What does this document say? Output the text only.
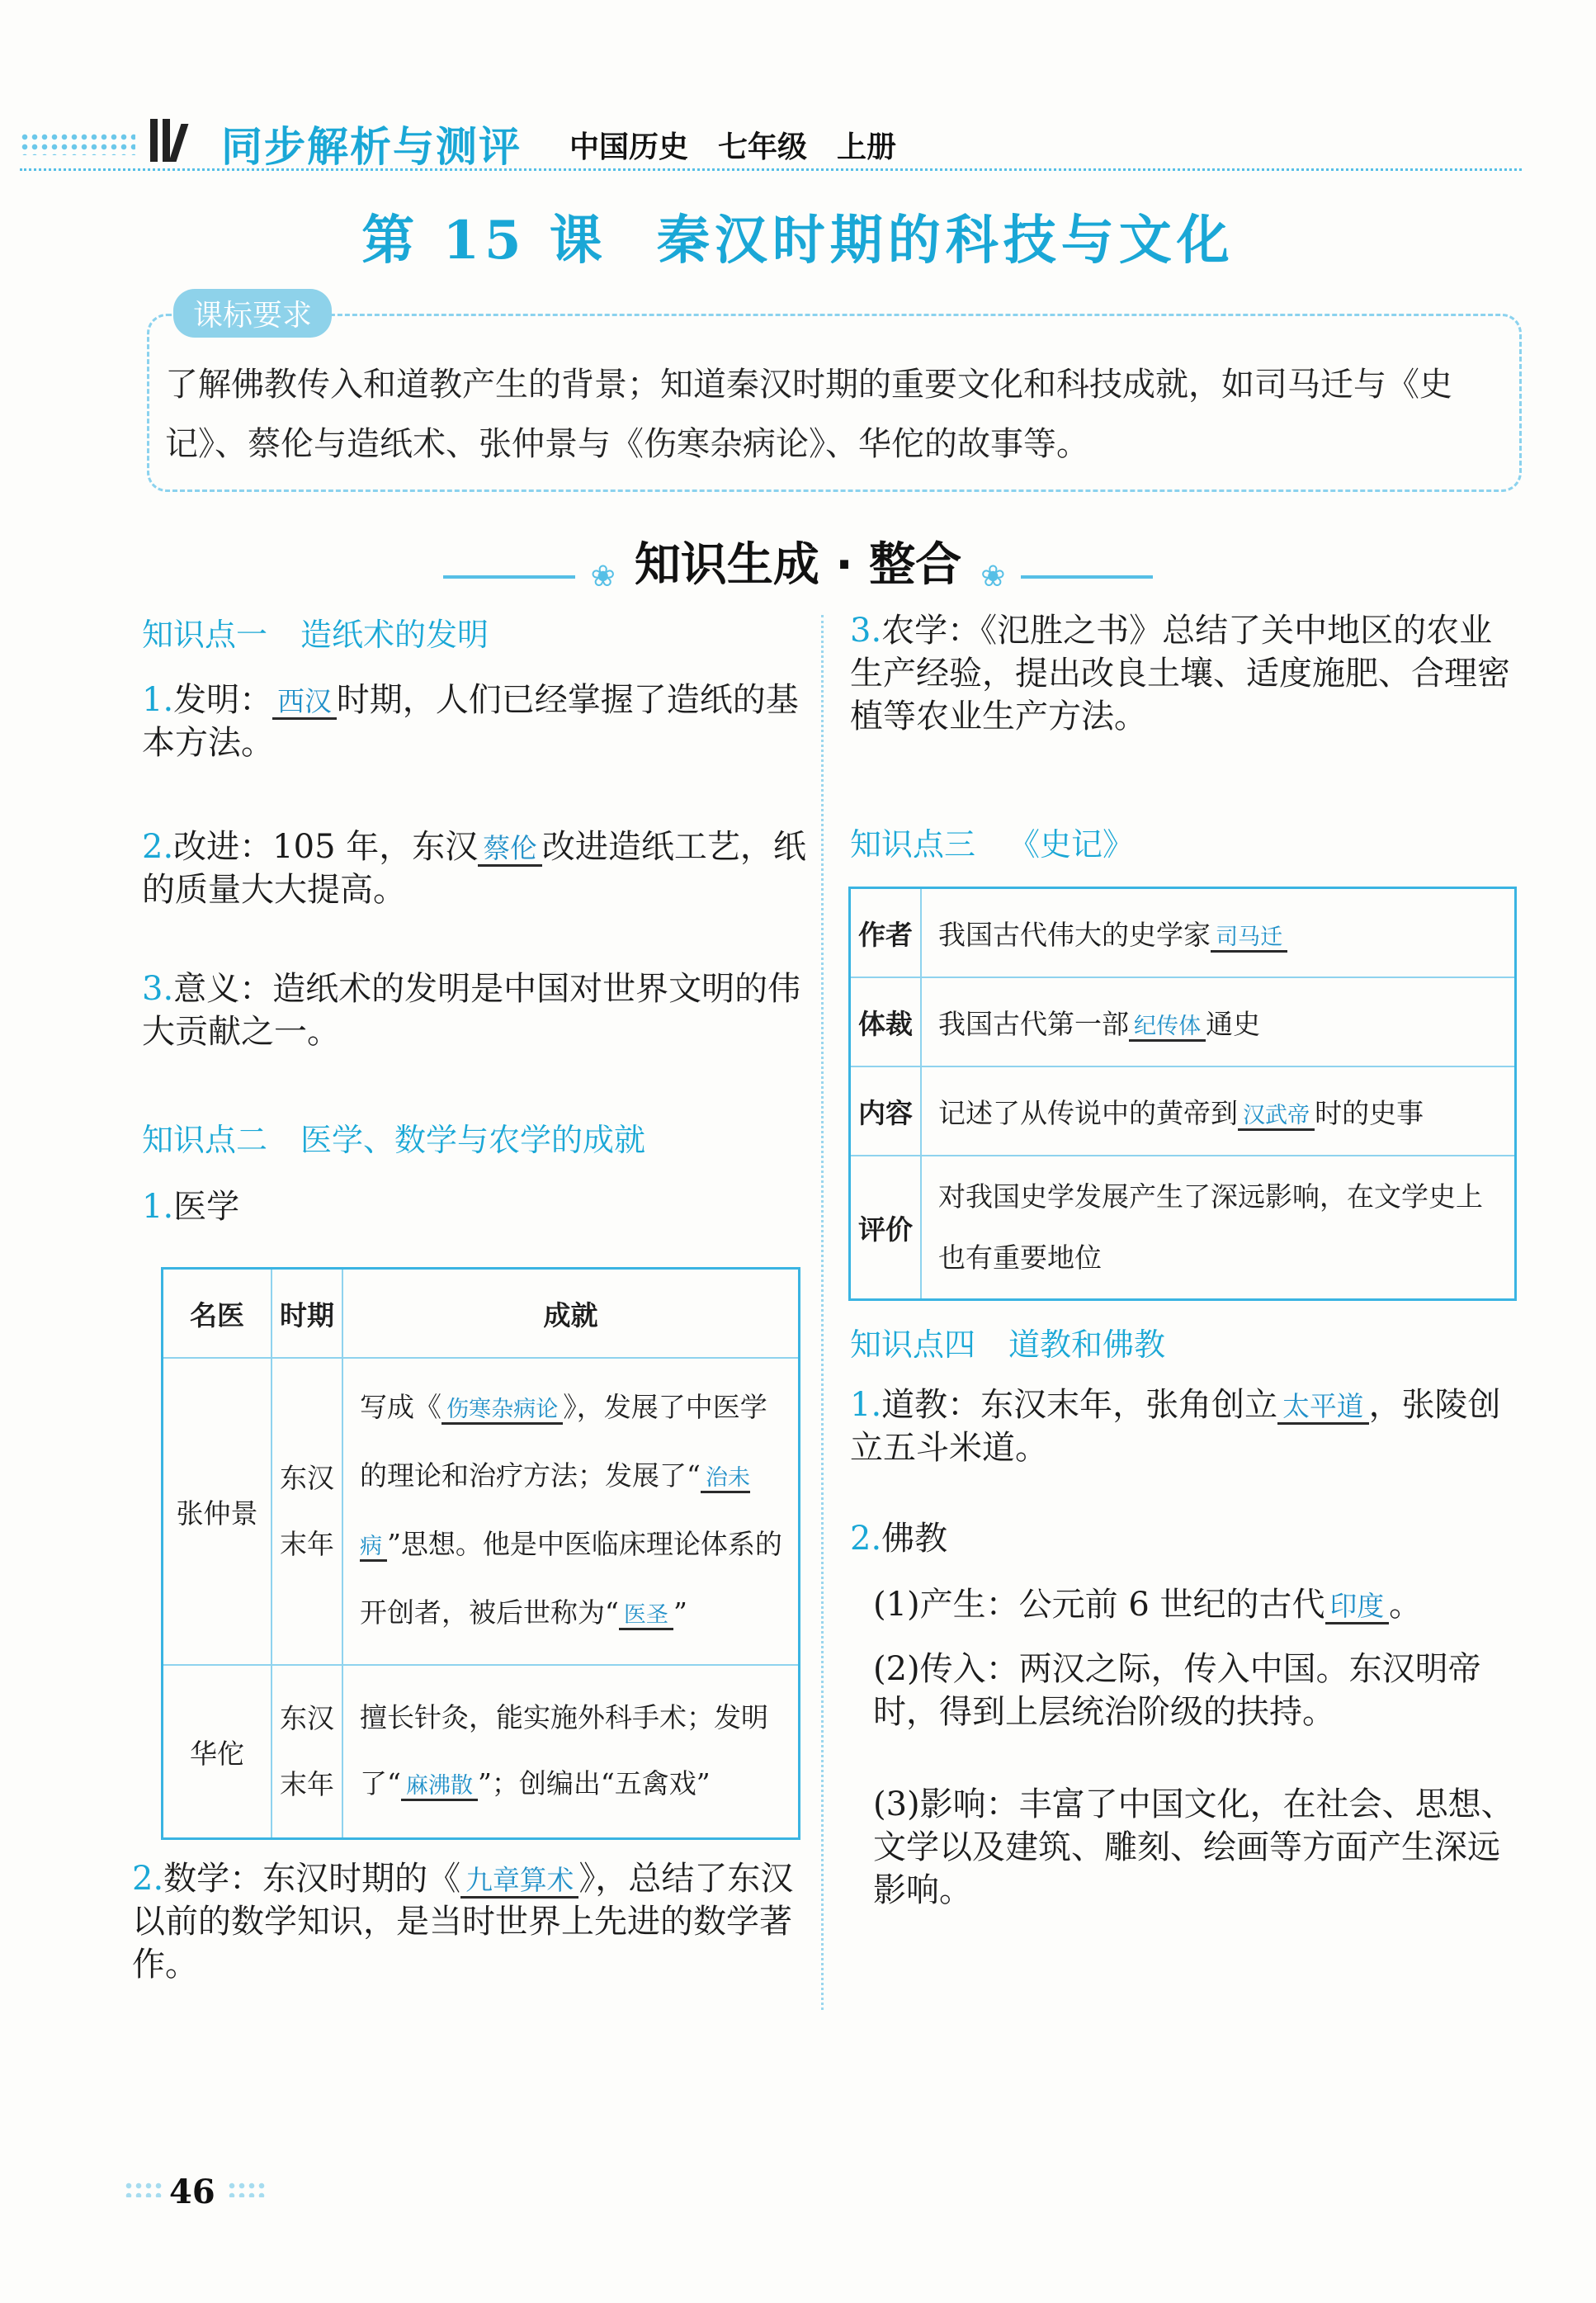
同步解析与测评 中国历史　七年级　上册
第 15 课 秦汉时期的科技与文化
课标要求
了解佛教传入和道教产生的背景；知道秦汉时期的重要文化和科技成就，如司马迁与《史记》、蔡伦与造纸术、张仲景与《伤寒杂病论》、华佗的故事等。
❀ 知识生成 · 整合 ❀
知识点一 造纸术的发明
1.发明： 西汉 时期，人们已经掌握了造纸的基本方法。
2.改进：105 年，东汉 蔡伦 改进造纸工艺，纸的质量大大提高。
3.意义：造纸术的发明是中国对世界文明的伟大贡献之一。
知识点二 医学、数学与农学的成就
1.医学
名医	时期	成就
张仲景	东汉末年	写成《 伤寒杂病论 》，发展了中医学的理论和治疗方法；发展了“ 治未病 ”思想。他是中医临床理论体系的开创者，被后世称为“ 医圣 ”
华佗	东汉末年	擅长针灸，能实施外科手术；发明了“ 麻沸散 ”；创编出“五禽戏”
2.数学：东汉时期的《 九章算术 》，总结了东汉以前的数学知识，是当时世界上先进的数学著作。
3.农学：《氾胜之书》总结了关中地区的农业生产经验，提出改良土壤、适度施肥、合理密植等农业生产方法。
知识点三 《史记》
作者	我国古代伟大的史学家 司马迁
体裁	我国古代第一部 纪传体 通史
内容	记述了从传说中的黄帝到 汉武帝 时的史事
评价	对我国史学发展产生了深远影响，在文学史上也有重要地位
知识点四 道教和佛教
1.道教：东汉末年，张角创立 太平道 ，张陵创立五斗米道。
2.佛教
(1)产生：公元前 6 世纪的古代 印度 。
(2)传入：两汉之际，传入中国。东汉明帝时，得到上层统治阶级的扶持。
(3)影响：丰富了中国文化，在社会、思想、文学以及建筑、雕刻、绘画等方面产生深远影响。
46
